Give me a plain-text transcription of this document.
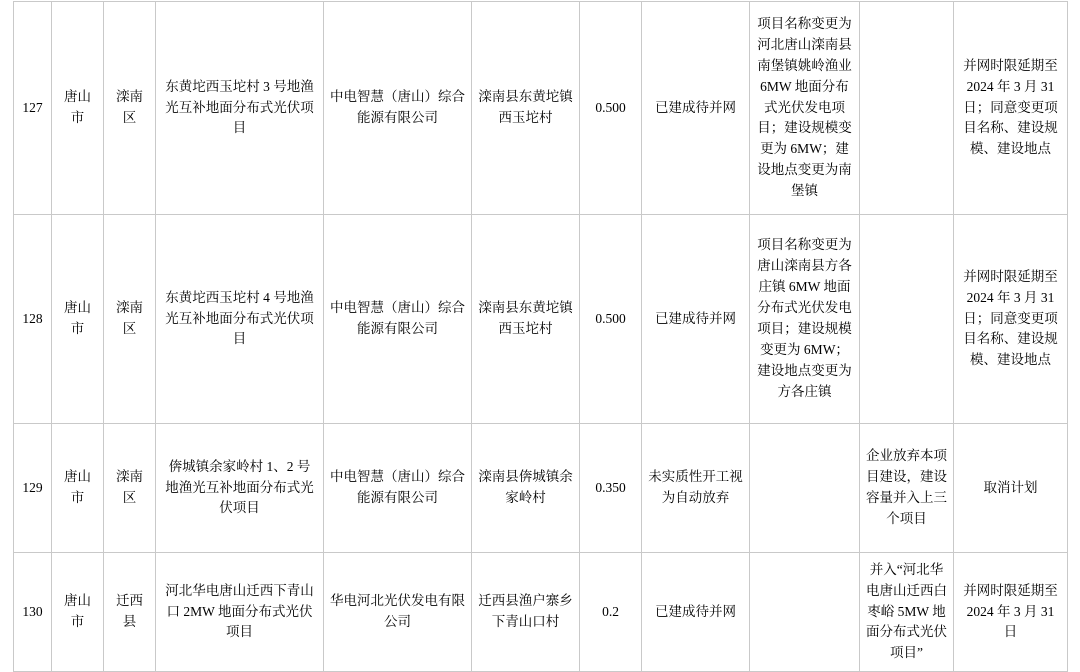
127	唐山市	滦南区	东黄坨西玉坨村 3 号地渔光互补地面分布式光伏项目	中电智慧（唐山）综合能源有限公司	滦南县东黄坨镇西玉坨村	0.500	已建成待并网	项目名称变更为河北唐山滦南县南堡镇姚岭渔业 6MW 地面分布式光伏发电项目；建设规模变更为 6MW；建设地点变更为南堡镇		并网时限延期至 2024 年 3 月 31 日；同意变更项目名称、建设规模、建设地点
128	唐山市	滦南区	东黄坨西玉坨村 4 号地渔光互补地面分布式光伏项目	中电智慧（唐山）综合能源有限公司	滦南县东黄坨镇西玉坨村	0.500	已建成待并网	项目名称变更为唐山滦南县方各庄镇 6MW 地面分布式光伏发电项目；建设规模变更为 6MW；建设地点变更为方各庄镇		并网时限延期至 2024 年 3 月 31 日；同意变更项目名称、建设规模、建设地点
129	唐山市	滦南区	倴城镇余家岭村 1、2 号地渔光互补地面分布式光伏项目	中电智慧（唐山）综合能源有限公司	滦南县倴城镇余家岭村	0.350	未实质性开工视为自动放弃		企业放弃本项目建设，建设容量并入上三个项目	取消计划
130	唐山市	迁西县	河北华电唐山迁西下青山口 2MW 地面分布式光伏项目	华电河北光伏发电有限公司	迁西县渔户寨乡下青山口村	0.2	已建成待并网		并入“河北华电唐山迁西白枣峪 5MW 地面分布式光伏项目”	并网时限延期至 2024 年 3 月 31 日
